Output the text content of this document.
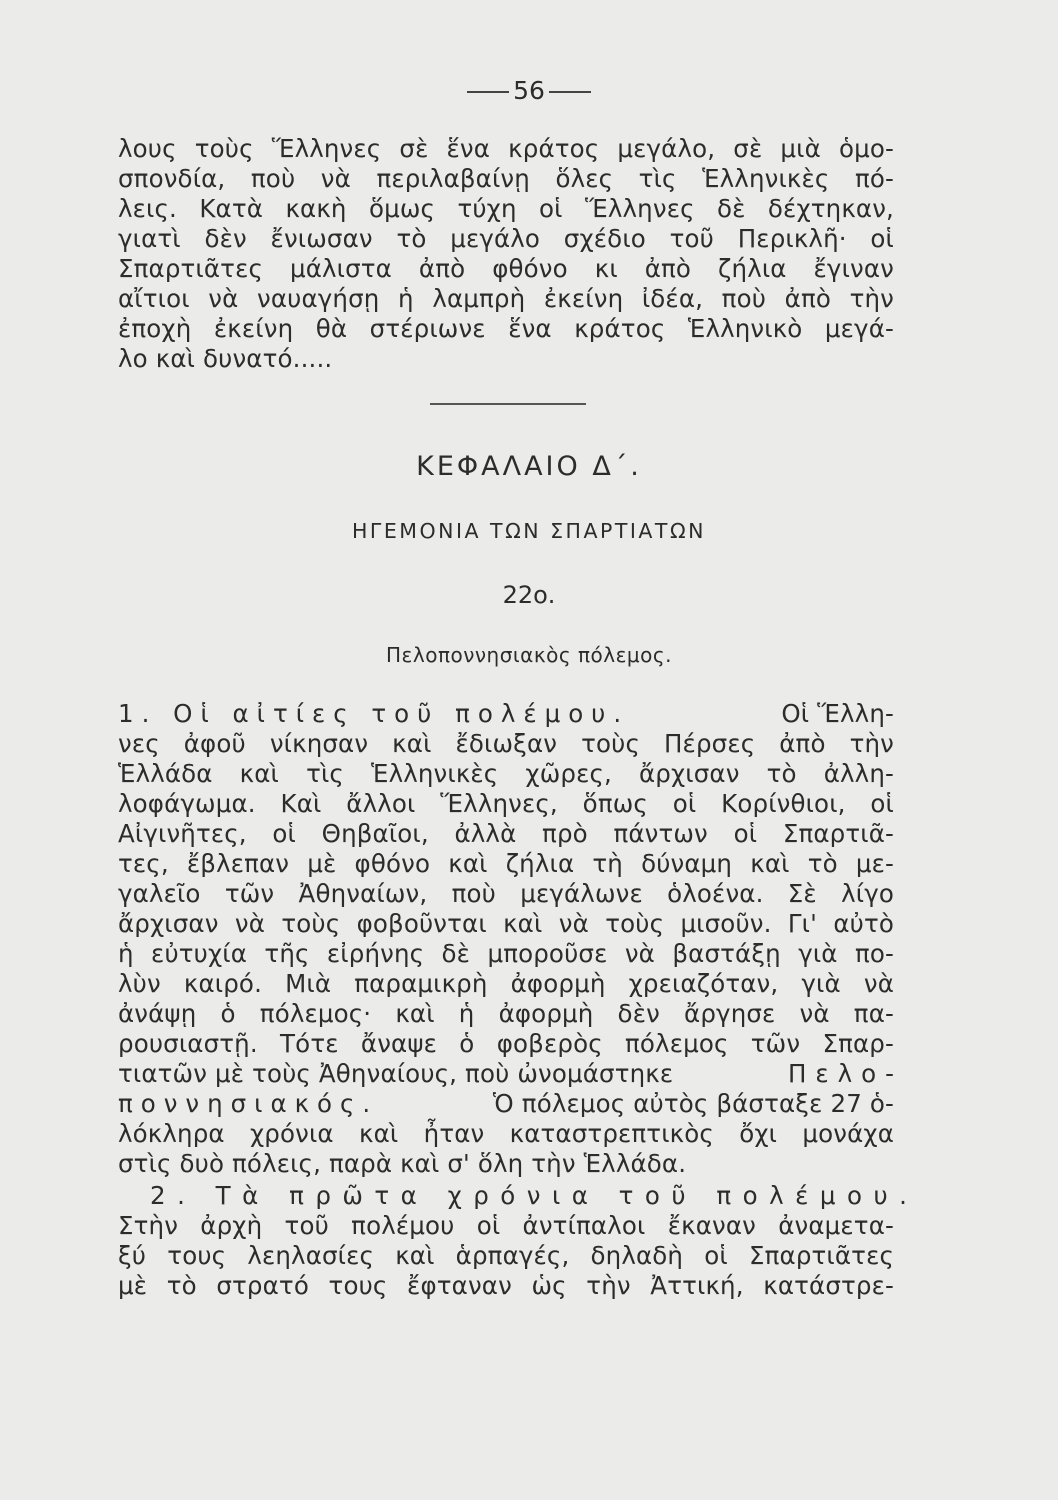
56
λους τοὺς Ἕλληνες σὲ ἕνα κράτος μεγάλο, σὲ μιὰ ὁμο-
σπονδία, ποὺ νὰ περιλαβαίνῃ ὅλες τὶς Ἑλληνικὲς πό-
λεις. Κατὰ κακὴ ὅμως τύχη οἱ Ἕλληνες δὲ δέχτηκαν,
γιατὶ δὲν ἔνιωσαν τὸ μεγάλο σχέδιο τοῦ Περικλῆ· οἱ
Σπαρτιᾶτες μάλιστα ἀπὸ φθόνο κι ἀπὸ ζήλια ἔγιναν
αἴτιοι νὰ ναυαγήσῃ ἡ λαμπρὴ ἐκείνη ἰδέα, ποὺ ἀπὸ τὴν
ἐποχὴ ἐκείνη θὰ στέριωνε ἕνα κράτος Ἑλληνικὸ μεγά-
λο καὶ δυνατό.....
ΚΕΦΑΛΑΙΟ Δ΄.
ΗΓΕΜΟΝΙΑ ΤΩΝ ΣΠΑΡΤΙΑΤΩΝ
22ο.
Πελοποννησιακὸς πόλεμος.
1. Οἱ αἰτίες τοῦ πολέμου.	Οἱ Ἕλλη-
νες ἀφοῦ νίκησαν καὶ ἔδιωξαν τοὺς Πέρσες ἀπὸ τὴν
Ἑλλάδα καὶ τὶς Ἑλληνικὲς χῶρες, ἄρχισαν τὸ ἀλλη-
λοφάγωμα. Καὶ ἄλλοι Ἕλληνες, ὅπως οἱ Κορίνθιοι, οἱ
Αἰγινῆτες, οἱ Θηβαῖοι, ἀλλὰ πρὸ πάντων οἱ Σπαρτιᾶ-
τες, ἔβλεπαν μὲ φθόνο καὶ ζήλια τὴ δύναμη καὶ τὸ με-
γαλεῖο τῶν Ἀθηναίων, ποὺ μεγάλωνε ὁλοένα. Σὲ λίγο
ἄρχισαν νὰ τοὺς φοβοῦνται καὶ νὰ τοὺς μισοῦν. Γι' αὐτὸ
ἡ εὐτυχία τῆς εἰρήνης δὲ μποροῦσε νὰ βαστάξῃ γιὰ πο-
λὺν καιρό. Μιὰ παραμικρὴ ἀφορμὴ χρειαζόταν, γιὰ νὰ
ἀνάψῃ ὁ πόλεμος· καὶ ἡ ἀφορμὴ δὲν ἄργησε νὰ πα-
ρουσιαστῇ. Τότε ἄναψε ὁ φοβερὸς πόλεμος τῶν Σπαρ-
τιατῶν μὲ τοὺς Ἀθηναίους, ποὺ ὠνομάστηκε	Πελο-
ποννησιακός.	Ὁ πόλεμος αὐτὸς βάσταξε 27 ὁ-
λόκληρα χρόνια καὶ ἦταν καταστρεπτικὸς ὄχι μονάχα
στὶς δυὸ πόλεις, παρὰ καὶ σ' ὅλη τὴν Ἑλλάδα.
2. Τὰ πρῶτα χρόνια τοῦ πολέμου.
Στὴν ἀρχὴ τοῦ πολέμου οἱ ἀντίπαλοι ἔκαναν ἀναμετα-
ξύ τους λεηλασίες καὶ ἁρπαγές, δηλαδὴ οἱ Σπαρτιᾶτες
μὲ τὸ στρατό τους ἔφταναν ὡς τὴν Ἀττική, κατάστρε-
